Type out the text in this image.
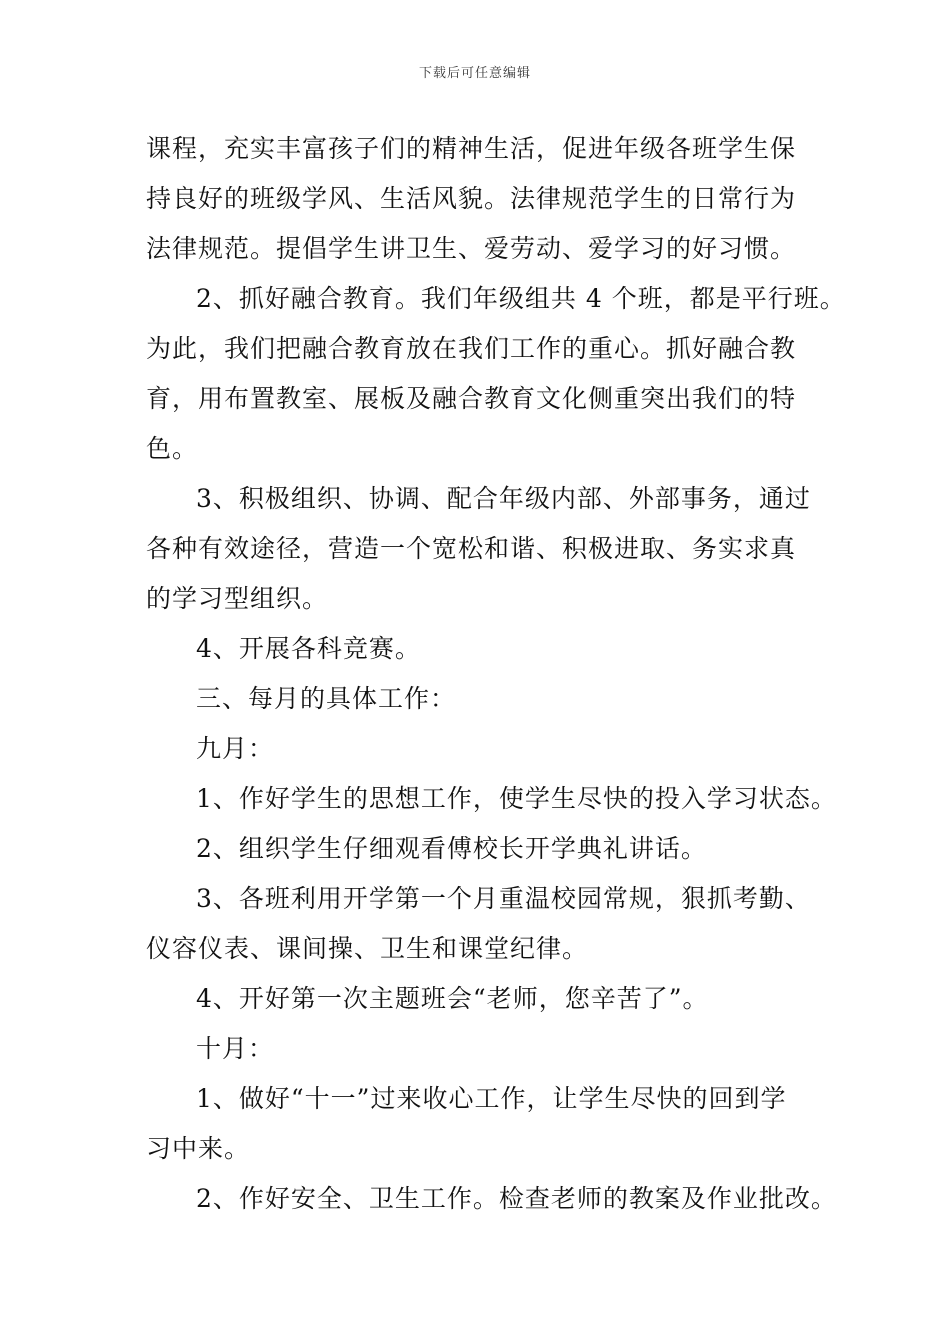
下载后可任意编辑
课程，充实丰富孩子们的精神生活，促进年级各班学生保
持良好的班级学风、生活风貌。法律规范学生的日常行为
法律规范。提倡学生讲卫生、爱劳动、爱学习的好习惯。
2、抓好融合教育。我们年级组共 4 个班，都是平行班。
为此，我们把融合教育放在我们工作的重心。抓好融合教
育，用布置教室、展板及融合教育文化侧重突出我们的特
色。
3、积极组织、协调、配合年级内部、外部事务，通过
各种有效途径，营造一个宽松和谐、积极进取、务实求真
的学习型组织。
4、开展各科竞赛。
三、每月的具体工作：
九月：
1、作好学生的思想工作，使学生尽快的投入学习状态。
2、组织学生仔细观看傅校长开学典礼讲话。
3、各班利用开学第一个月重温校园常规，狠抓考勤、
仪容仪表、课间操、卫生和课堂纪律。
4、开好第一次主题班会“老师，您辛苦了”。
十月：
1、做好“十一”过来收心工作，让学生尽快的回到学
习中来。
2、作好安全、卫生工作。检查老师的教案及作业批改。
